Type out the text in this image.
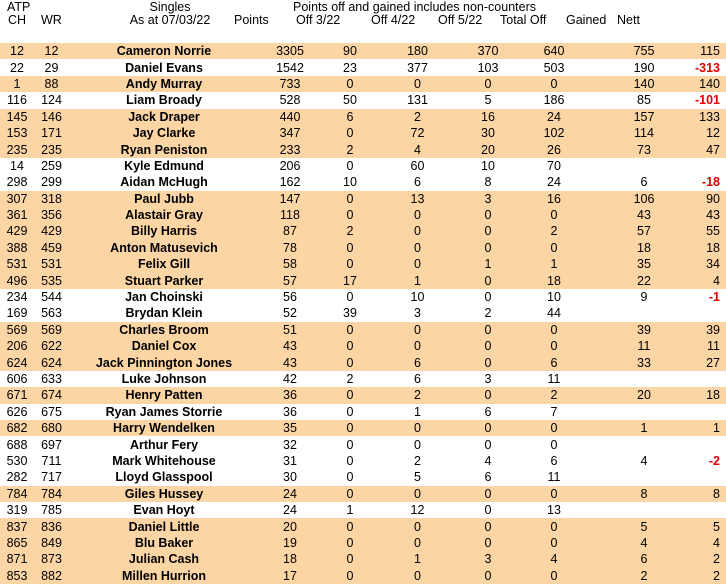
ATP
CH WR
Singles
As at 07/03/22	Points
Points off and gained includes non-counters
Off 3/22 Off 4/22 Off 5/22 Total Off Gained Nett
12	12	Cameron Norrie	3305	90	180	370	640		755	115
22	29	Daniel Evans	1542	23	377	103	503		190	-313
1	88	Andy Murray	733	0	0	0	0		140	140
116	124	Liam Broady	528	50	131	5	186		85	-101
145	146	Jack Draper	440	6	2	16	24		157	133
153	171	Jay Clarke	347	0	72	30	102		114	12
235	235	Ryan Peniston	233	2	4	20	26		73	47
14	259	Kyle Edmund	206	0	60	10	70			
298	299	Aidan McHugh	162	10	6	8	24		6	-18
307	318	Paul Jubb	147	0	13	3	16		106	90
361	356	Alastair Gray	118	0	0	0	0		43	43
429	429	Billy Harris	87	2	0	0	2		57	55
388	459	Anton Matusevich	78	0	0	0	0		18	18
531	531	Felix Gill	58	0	0	1	1		35	34
496	535	Stuart Parker	57	17	1	0	18		22	4
234	544	Jan Choinski	56	0	10	0	10		9	-1
169	563	Brydan Klein	52	39	3	2	44			
569	569	Charles Broom	51	0	0	0	0		39	39
206	622	Daniel Cox	43	0	0	0	0		11	11
624	624	Jack Pinnington Jones	43	0	6	0	6		33	27
606	633	Luke Johnson	42	2	6	3	11			
671	674	Henry Patten	36	0	2	0	2		20	18
626	675	Ryan James Storrie	36	0	1	6	7			
682	680	Harry Wendelken	35	0	0	0	0		1	1
688	697	Arthur Fery	32	0	0	0	0			
530	711	Mark Whitehouse	31	0	2	4	6		4	-2
282	717	Lloyd Glasspool	30	0	5	6	11			
784	784	Giles Hussey	24	0	0	0	0		8	8
319	785	Evan Hoyt	24	1	12	0	13			
837	836	Daniel Little	20	0	0	0	0		5	5
865	849	Blu Baker	19	0	0	0	0		4	4
871	873	Julian Cash	18	0	1	3	4		6	2
853	882	Millen Hurrion	17	0	0	0	0		2	2
